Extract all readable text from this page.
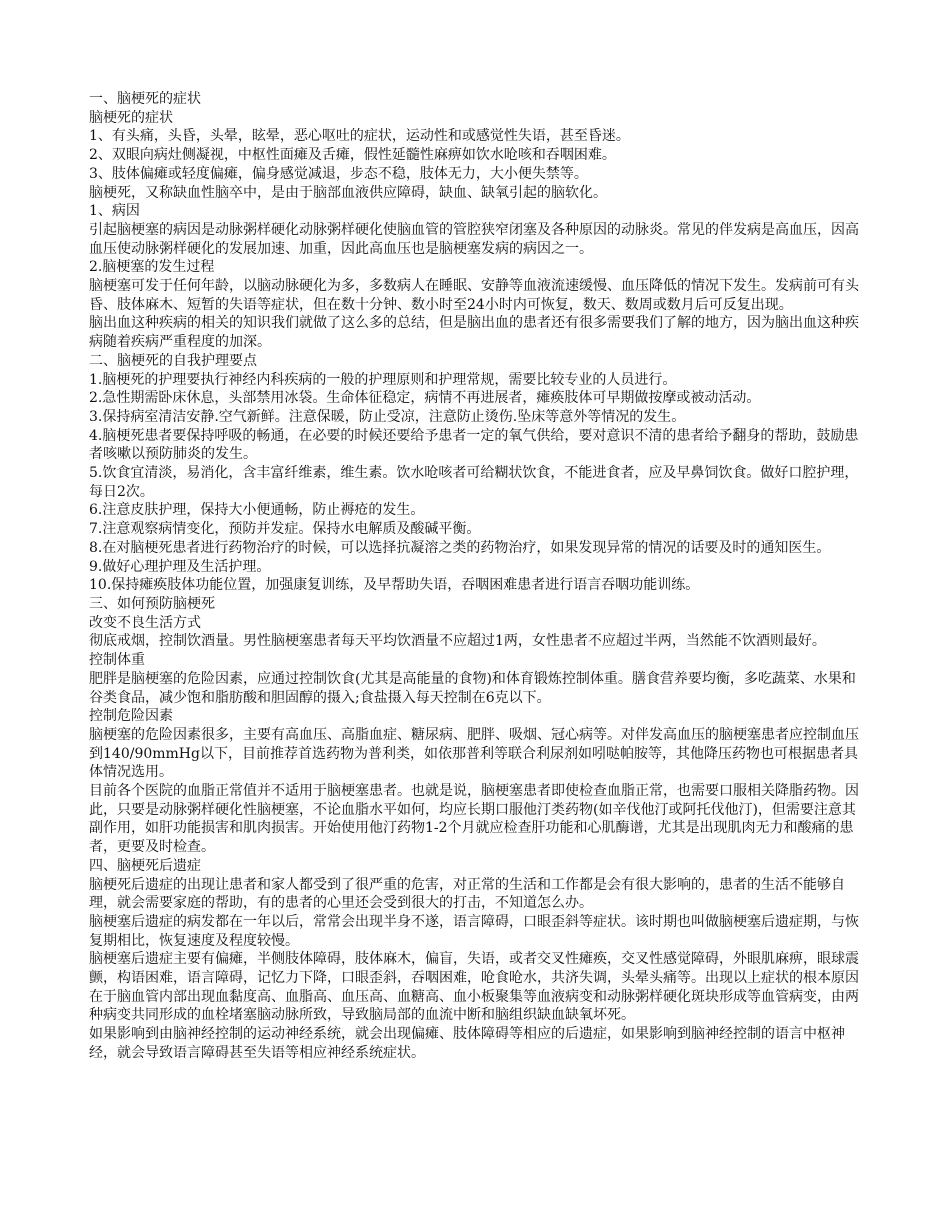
一、脑梗死的症状

脑梗死的症状

1、有头痛，头昏，头晕，眩晕，恶心呕吐的症状，运动性和或感觉性失语，甚至昏迷。

2、双眼向病灶侧凝视，中枢性面瘫及舌瘫，假性延髓性麻痹如饮水呛咳和吞咽困难。

3、肢体偏瘫或轻度偏瘫，偏身感觉减退，步态不稳，肢体无力，大小便失禁等。

脑梗死，又称缺血性脑卒中，是由于脑部血液供应障碍，缺血、缺氧引起的脑软化。

1、病因

引起脑梗塞的病因是动脉粥样硬化动脉粥样硬化使脑血管的管腔狭窄闭塞及各种原因的动脉炎。常见的伴发病是高血压，因高血压使动脉粥样硬化的发展加速、加重，因此高血压也是脑梗塞发病的病因之一。

2.脑梗塞的发生过程

脑梗塞可发于任何年龄，以脑动脉硬化为多，多数病人在睡眠、安静等血液流速缓慢、血压降低的情况下发生。发病前可有头昏、肢体麻木、短暂的失语等症状，但在数十分钟、数小时至24小时内可恢复，数天、数周或数月后可反复出现。

脑出血这种疾病的相关的知识我们就做了这么多的总结，但是脑出血的患者还有很多需要我们了解的地方，因为脑出血这种疾病随着疾病严重程度的加深。

二、脑梗死的自我护理要点

1.脑梗死的护理要执行神经内科疾病的一般的护理原则和护理常规，需要比较专业的人员进行。

2.急性期需卧床休息，头部禁用冰袋。生命体征稳定，病情不再进展者，瘫痪肢体可早期做按摩或被动活动。

3.保持病室清洁安静.空气新鲜。注意保暖，防止受凉，注意防止烫伤.坠床等意外等情况的发生。

4.脑梗死患者要保持呼吸的畅通，在必要的时候还要给予患者一定的氧气供给，要对意识不清的患者给予翻身的帮助，鼓励患者咳嗽以预防肺炎的发生。

5.饮食宜清淡，易消化，含丰富纤维素，维生素。饮水呛咳者可给糊状饮食，不能进食者，应及早鼻饲饮食。做好口腔护理，每日2次。

6.注意皮肤护理，保持大小便通畅，防止褥疮的发生。

7.注意观察病情变化，预防并发症。保持水电解质及酸碱平衡。

8.在对脑梗死患者进行药物治疗的时候，可以选择抗凝溶之类的药物治疗，如果发现异常的情况的话要及时的通知医生。

9.做好心理护理及生活护理。

10.保持瘫痪肢体功能位置，加强康复训练，及早帮助失语，吞咽困难患者进行语言吞咽功能训练。

三、如何预防脑梗死

改变不良生活方式

彻底戒烟，控制饮酒量。男性脑梗塞患者每天平均饮酒量不应超过1两，女性患者不应超过半两，当然能不饮酒则最好。

控制体重

肥胖是脑梗塞的危险因素，应通过控制饮食(尤其是高能量的食物)和体育锻炼控制体重。膳食营养要均衡，多吃蔬菜、水果和谷类食品，减少饱和脂肪酸和胆固醇的摄入;食盐摄入每天控制在6克以下。

控制危险因素

脑梗塞的危险因素很多，主要有高血压、高脂血症、糖尿病、肥胖、吸烟、冠心病等。对伴发高血压的脑梗塞患者应控制血压到140/90mmHg以下，目前推荐首选药物为普利类，如依那普利等联合利尿剂如吲哒帕胺等，其他降压药物也可根据患者具体情况选用。

目前各个医院的血脂正常值并不适用于脑梗塞患者。也就是说，脑梗塞患者即使检查血脂正常，也需要口服相关降脂药物。因此，只要是动脉粥样硬化性脑梗塞，不论血脂水平如何，均应长期口服他汀类药物(如辛伐他汀或阿托伐他汀)，但需要注意其副作用，如肝功能损害和肌肉损害。开始使用他汀药物1-2个月就应检查肝功能和心肌酶谱，尤其是出现肌肉无力和酸痛的患者，更要及时检查。

四、脑梗死后遗症

脑梗死后遗症的出现让患者和家人都受到了很严重的危害，对正常的生活和工作都是会有很大影响的，患者的生活不能够自理，就会需要家庭的帮助，有的患者的心里还会受到很大的打击，不知道怎么办。

脑梗塞后遗症的病发都在一年以后，常常会出现半身不遂，语言障碍，口眼歪斜等症状。该时期也叫做脑梗塞后遗症期，与恢复期相比，恢复速度及程度较慢。

脑梗塞后遗症主要有偏瘫，半侧肢体障碍，肢体麻木，偏盲，失语，或者交叉性瘫痪，交叉性感觉障碍，外眼肌麻痹，眼球震颤，构语困难，语言障碍，记忆力下降，口眼歪斜，吞咽困难，呛食呛水，共济失调，头晕头痛等。出现以上症状的根本原因在于脑血管内部出现血黏度高、血脂高、血压高、血糖高、血小板聚集等血液病变和动脉粥样硬化斑块形成等血管病变，由两种病变共同形成的血栓堵塞脑动脉所致，导致脑局部的血流中断和脑组织缺血缺氧坏死。

如果影响到由脑神经控制的运动神经系统，就会出现偏瘫、肢体障碍等相应的后遗症，如果影响到脑神经控制的语言中枢神经，就会导致语言障碍甚至失语等相应神经系统症状。
